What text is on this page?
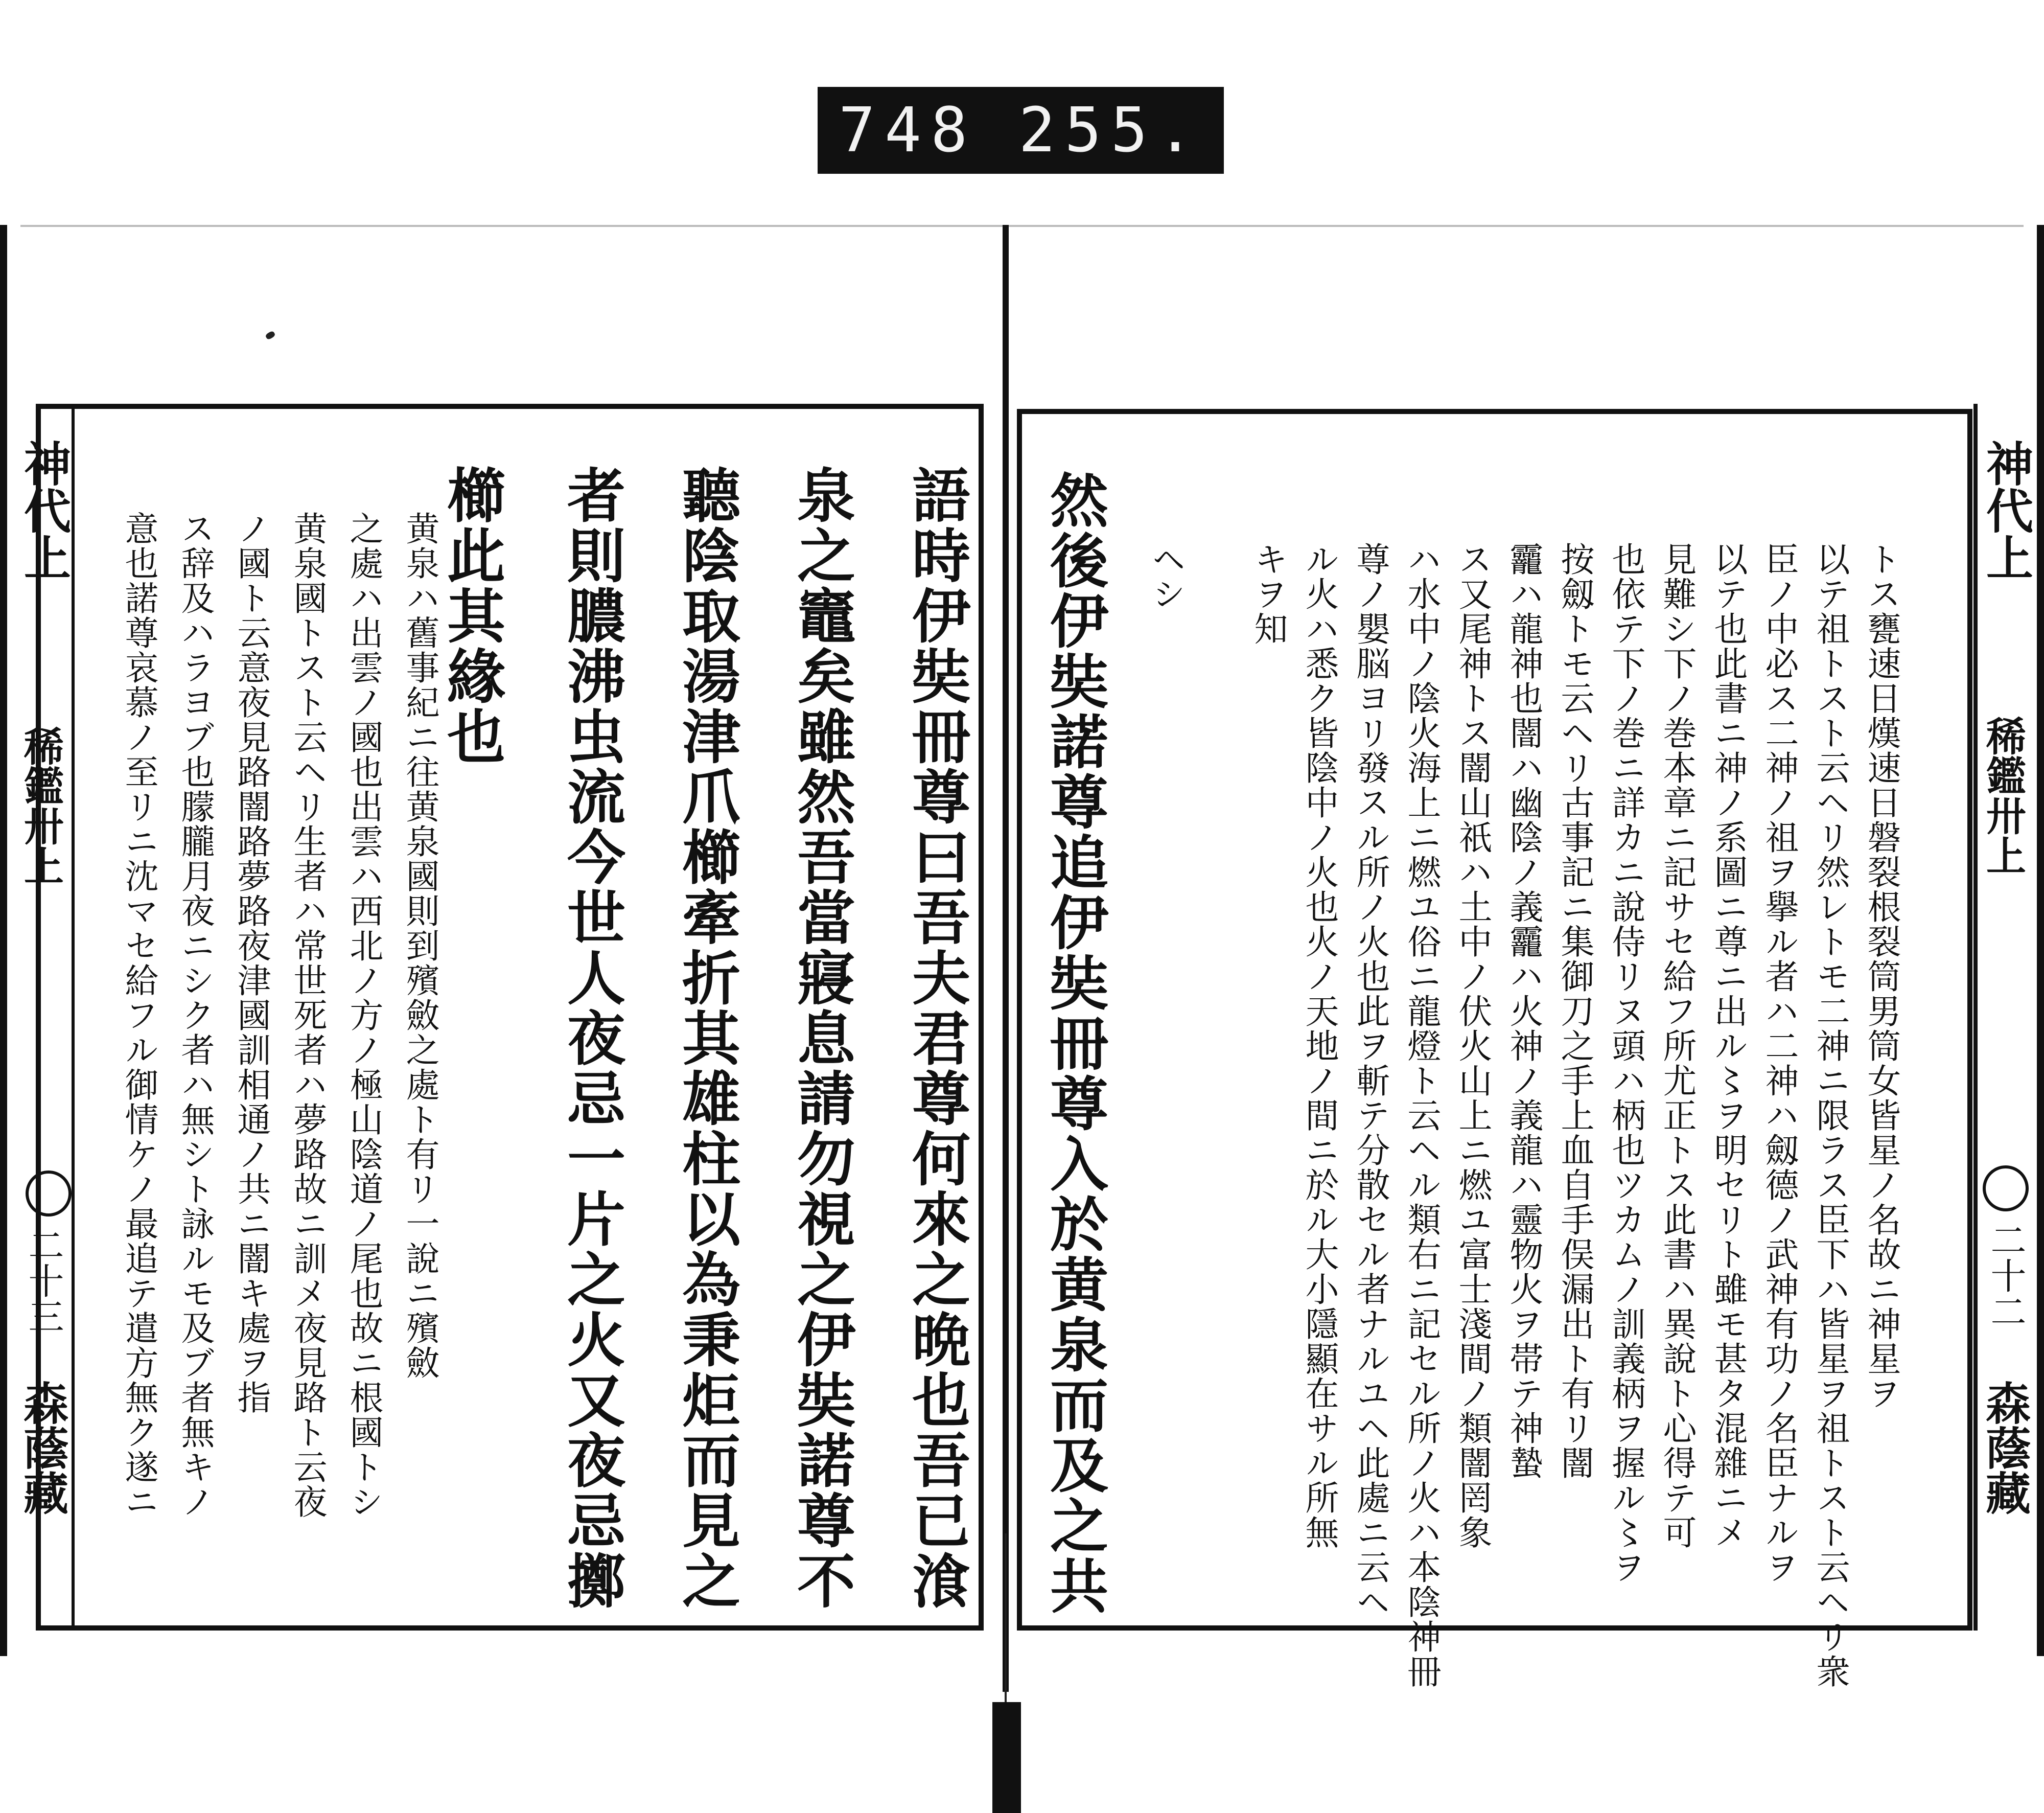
748 255.
語時伊奘冊尊曰吾夫君尊何來之晩也吾已湌
泉之竈矣雖然吾當寢息請勿視之伊奘諾尊不
聽陰取湯津爪櫛牽折其雄柱以為秉炬而見之
者則膿沸虫流今世人夜忌一片之火又夜忌擲
櫛此其緣也
黄泉ハ舊事紀ニ往黄泉國則到殯斂之處ト有リ一說ニ殯斂
之處ハ出雲ノ國也出雲ハ西北ノ方ノ極山陰道ノ尾也故ニ根國トシ
黄泉國トスト云ヘリ生者ハ常世死者ハ夢路故ニ訓メ夜見路ト云夜
ノ國ト云意夜見路闇路夢路夜津國訓相通ノ共ニ闇キ處ヲ指
ス辞及ハラヨブ也朦朧月夜ニシク者ハ無シト詠ルモ及ブ者無キノ
意也諾尊哀慕ノ至リニ沈マセ給フル御情ケノ最追テ遣方無ク遂ニ
神代上
稀鑑卅上
二十三
森蔭藏	然後伊奘諾尊追伊奘冊尊入於黄泉而及之共	トス甕速日熯速日磐裂根裂筒男筒女皆星ノ名故ニ神星ヲ
以テ祖トスト云ヘリ然レトモ二神ニ限ラス臣下ハ皆星ヲ祖トスト云ヘリ衆
臣ノ中必ス二神ノ祖ヲ擧ル者ハ二神ハ劔德ノ武神有功ノ名臣ナルヲ
以テ也此書ニ神ノ系圖ニ尊ニ出ル〻ヲ明セリト雖モ甚タ混雜ニメ
見難シ下ノ巻本章ニ記サセ給フ所尤正トス此書ハ異說ト心得テ可
也依テ下ノ巻ニ詳カニ說侍リヌ頭ハ柄也ツカムノ訓義柄ヲ握ル〻ヲ
按劔トモ云ヘリ古事記ニ集御刀之手上血自手俣漏出ト有リ闇
龗ハ龍神也闇ハ幽陰ノ義龗ハ火神ノ義龍ハ靈物火ヲ帯テ神蟄
ス又尾神トス闇山祇ハ土中ノ伏火山上ニ燃ユ富士淺間ノ類闇罔象
ハ水中ノ陰火海上ニ燃ユ俗ニ龍燈ト云ヘル類右ニ記セル所ノ火ハ本陰神冊
尊ノ嬰脳ヨリ發スル所ノ火也此ヲ斬テ分散セル者ナルユヘ此處ニ云ヘ
ル火ハ悉ク皆陰中ノ火也火ノ天地ノ間ニ於ル大小隱顯在サル所無
キヲ知
ヘシ	神代上
稀鑑卅上
二十二
森蔭藏
